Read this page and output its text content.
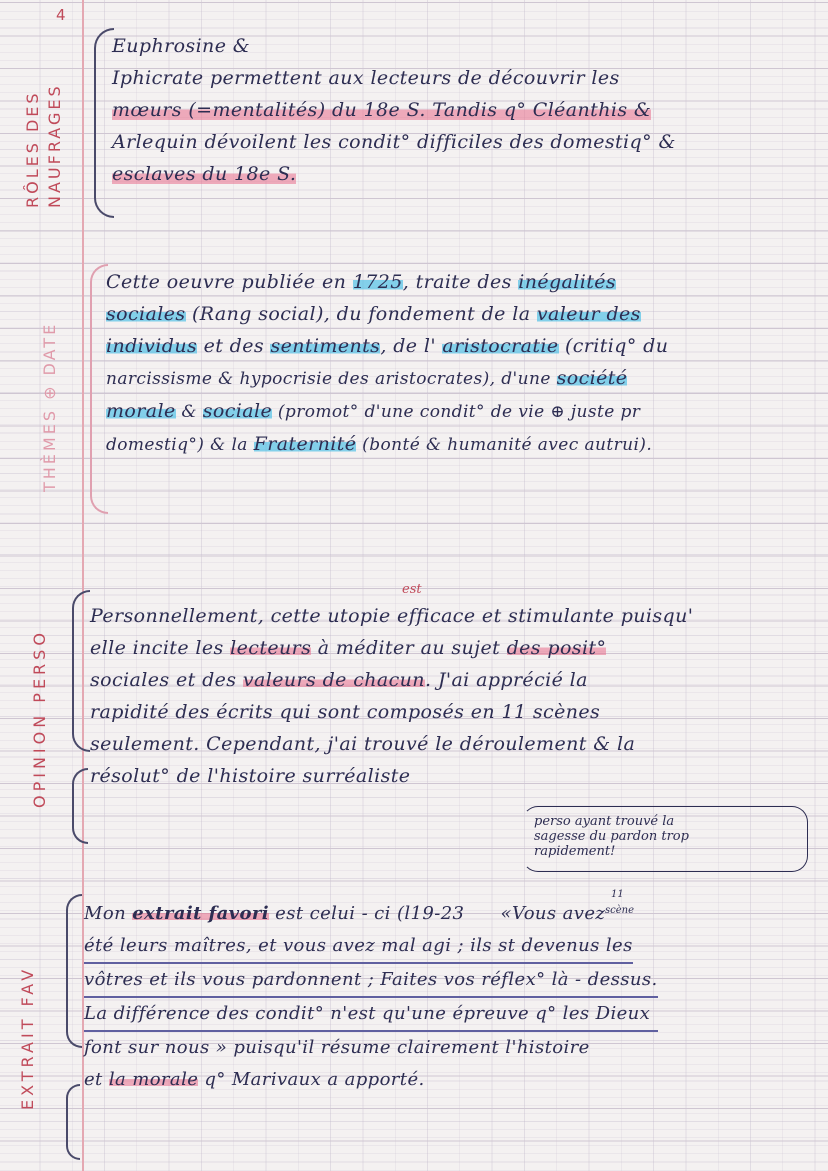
RÔLES DES NAUFRAGES
4
Euphrosine &
Iphicrate permettent aux lecteurs de découvrir les
mœurs (=mentalités) du 18e S. Tandis q° Cléanthis &
Arlequin dévoilent les condit° difficiles des domestiq° &
esclaves du 18e S.
THÈMES ⊕ DATE
Cette oeuvre publiée en 1725, traite des inégalités
sociales (Rang social), du fondement de la valeur des
individus et des sentiments, de l' aristocratie (critiq° du
narcissisme & hypocrisie des aristocrates), d'une société
morale & sociale (promot° d'une condit° de vie ⊕ juste pr
domestiq°) & la Fraternité (bonté & humanité avec autrui).
OPINION PERSO
est
Personnellement, cette utopie efficace et stimulante puisqu'
elle incite les lecteurs à méditer au sujet des posit°
sociales et des valeurs de chacun. J'ai apprécié la
rapidité des écrits qui sont composés en 11 scènes
seulement. Cependant, j'ai trouvé le déroulement & la
résolut° de l'histoire surréaliste
perso ayant trouvé la
sagesse du pardon trop
rapidement!
EXTRAIT FAV
11
scène
Mon extrait favori est celui - ci (l19-23 «Vous avez
été leurs maîtres, et vous avez mal agi ; ils st devenus les
vôtres et ils vous pardonnent ; Faites vos réflex° là - dessus.
La différence des condit° n'est qu'une épreuve q° les Dieux
font sur nous » puisqu'il résume clairement l'histoire
et la morale q° Marivaux a apporté.
